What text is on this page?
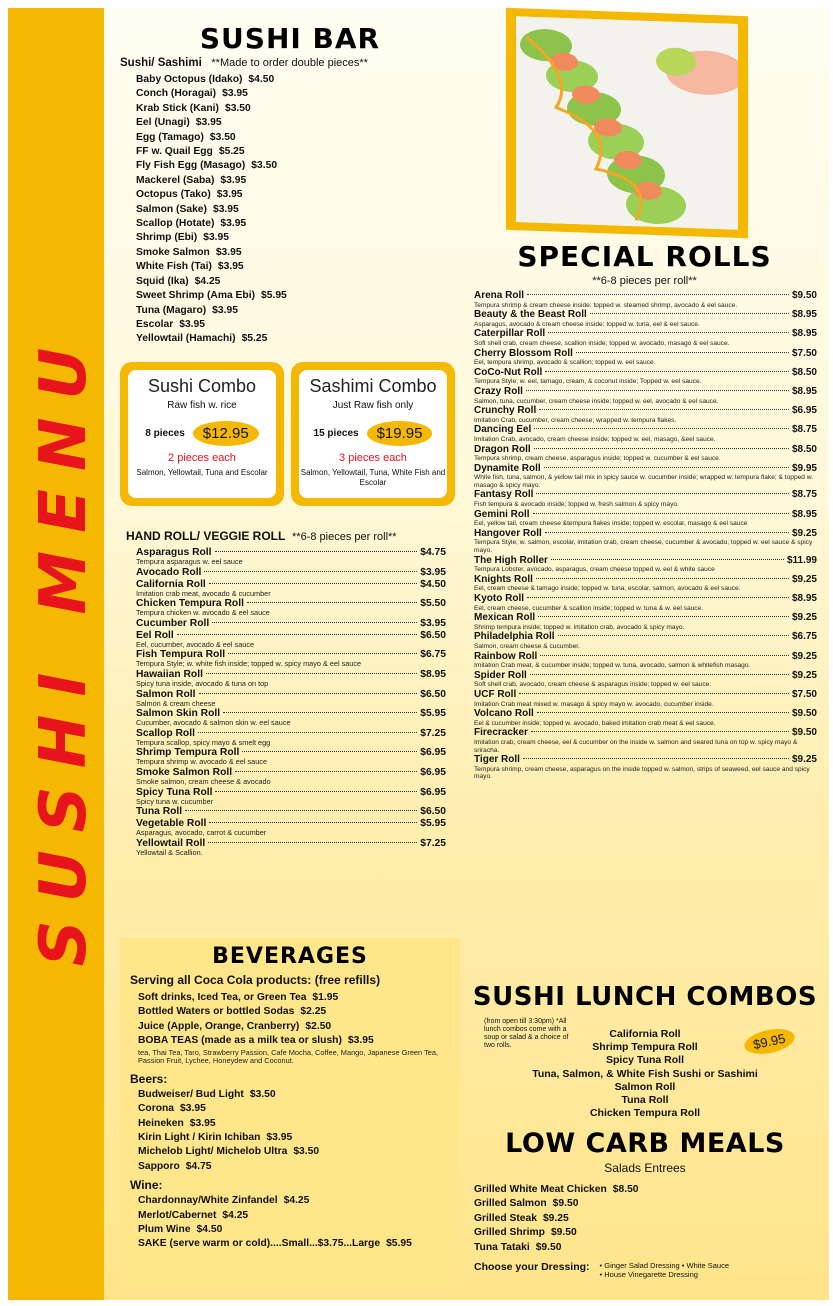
SUSHI MENU
SUSHI BAR
Sushi/ Sashimi **Made to order double pieces**
Baby Octopus (Idako) $4.50
Conch (Horagai) $3.95
Krab Stick (Kani) $3.50
Eel (Unagi) $3.95
Egg (Tamago) $3.50
FF w. Quail Egg $5.25
Fly Fish Egg (Masago) $3.50
Mackerel (Saba) $3.95
Octopus (Tako) $3.95
Salmon (Sake) $3.95
Scallop (Hotate) $3.95
Shrimp (Ebi) $3.95
Smoke Salmon $3.95
White Fish (Tai) $3.95
Squid (Ika) $4.25
Sweet Shrimp (Ama Ebi) $5.95
Tuna (Magaro) $3.95
Escolar $3.95
Yellowtail (Hamachi) $5.25
Sushi Combo
Raw fish w. rice
8 pieces	$12.95
2 pieces each
Salmon, Yellowtail, Tuna and Escolar
Sashimi Combo
Just Raw fish only
15 pieces	$19.95
3 pieces each
Salmon, Yellowtail, Tuna, White Fish and Escolar
HAND ROLL/ VEGGIE ROLL **6-8 pieces per roll**
Asparagus Roll	$4.75
Tempura asparagus w. eel sauce
Avocado Roll	$3.95
California Roll	$4.50
Imitation crab meat, avocado & cucumber
Chicken Tempura Roll	$5.50
Tempura chicken w. avocado & eel sauce
Cucumber Roll	$3.95
Eel Roll	$6.50
Eel, cucumber, avocado & eel sauce
Fish Tempura Roll	$6.75
Tempura Style; w. white fish inside; topped w. spicy mayo & eel sauce
Hawaiian Roll	$8.95
Spicy tuna inside, avocado & tuna on top
Salmon Roll	$6.50
Salmon & cream cheese
Salmon Skin Roll	$5.95
Cucumber, avocado & salmon skin w. eel sauce
Scallop Roll	$7.25
Tempura scallop, spicy mayo & smelt egg
Shrimp Tempura Roll	$6.95
Tempura shrimp w. avocado & eel sauce
Smoke Salmon Roll	$6.95
Smoke salmon, cream cheese & avocado
Spicy Tuna Roll	$6.95
Spicy tuna w. cucumber
Tuna Roll	$6.50
Vegetable Roll	$5.95
Asparagus, avocado, carrot & cucumber
Yellowtail Roll	$7.25
Yellowtail & Scallion.
BEVERAGES
Serving all Coca Cola products: (free refills)
Soft drinks, Iced Tea, or Green Tea $1.95
Bottled Waters or bottled Sodas $2.25
Juice (Apple, Orange, Cranberry) $2.50
BOBA TEAS (made as a milk tea or slush) $3.95
tea, Thai Tea, Taro, Strawberry Passion, Cafe Mocha, Coffee, Mango, Japanese Green Tea, Passion Fruit, Lychee, Honeydew and Coconut.
Beers:
Budweiser/ Bud Light $3.50
Corona $3.95
Heineken $3.95
Kirin Light / Kirin Ichiban $3.95
Michelob Light/ Michelob Ultra $3.50
Sapporo $4.75
Wine:
Chardonnay/White Zinfandel $4.25
Merlot/Cabernet $4.25
Plum Wine $4.50
SAKE (serve warm or cold)....Small...$3.75...Large $5.95
SPECIAL ROLLS
**6-8 pieces per roll**
Arena Roll	$9.50
Tempura shrimp & cream cheese inside; topped w. steamed shrimp, avocado & eel sauce.
Beauty & the Beast Roll	$8.95
Asparagus, avocado & cream cheese inside; topped w. tuna, eel & eel sauce.
Caterpillar Roll	$8.95
Soft shell crab, cream cheese, scallion inside; topped w. avocado, masago & eel sauce.
Cherry Blossom Roll	$7.50
Eel, tempura shrimp, avocado & scallion; topped w. eel sauce.
CoCo-Nut Roll	$8.50
Tempura Style; w. eel, tamago, cream, & coconut inside; Topped w. eel sauce.
Crazy Roll	$8.95
Salmon, tuna, cucumber, cream cheese inside; topped w. eel, avocado & eel sauce.
Crunchy Roll	$6.95
Imitation Crab, cucumber, cream cheese; wrapped w. tempura flakes.
Dancing Eel	$8.75
Imitation Crab, avocado, cream cheese inside; topped w. eel, masago, &eel sauce.
Dragon Roll	$8.50
Tempura shrimp, cream cheese, asparagus inside; topped w. cucumber & eel sauce.
Dynamite Roll	$9.95
White fish, tuna, salmon, & yellow tail mix in spicy sauce w. cucumber inside; wrapped w. tempura flake; & topped w. masago & spicy mayo.
Fantasy Roll	$8.75
Fish tempura & avocado inside; topped w. fresh salmon & spicy mayo.
Gemini Roll	$8.95
Eel, yellow tail, cream cheese &tempura flakes inside; topped w. escolar, masago & eel sauce
Hangover Roll	$9.25
Tempura Style; w. salmon, escolar, imitation crab, cream cheese, cucumber & avocado; topped w. eel sauce & spicy mayo.
The High Roller	$11.99
Tempura Lobster, avocado, asparagus, cream cheese topped w. eel & white sauce
Knights Roll	$9.25
Eel, cream cheese & tamago inside; topped w. tuna, escolar, salmon, avocado & eel sauce.
Kyoto Roll	$8.95
Eel, cream cheese, cucumber & scallion inside; topped w. tuna & w. eel sauce.
Mexican Roll	$9.25
Shrimp tempura inside; topped w. imitation crab, avocado & spicy mayo.
Philadelphia Roll	$6.75
Salmon, cream cheese & cucumber.
Rainbow Roll	$9.25
Imitation Crab meat, & cucumber inside; topped w. tuna, avocado, salmon & whitefish masago.
Spider Roll	$9.25
Soft shell crab, avocado, cream cheese & asparagus inside; topped w. eel sauce.
UCF Roll	$7.50
Imitation Crab meat mixed w. masago & spicy mayo w. avocado, cucumber inside.
Volcano Roll	$9.50
Eel & cucumber inside; topped w. avocado, baked imitation crab meat & eel sauce.
Firecracker	$9.50
Imitation crab, cream cheese, eel & cucumber on the inside w. salmon and seared tuna on top w. spicy mayo & sriracha.
Tiger Roll	$9.25
Tempura shrimp, cream cheese, asparagus on the inside topped w. salmon, strips of seaweed, eel sauce and spicy mayo.
SUSHI LUNCH COMBOS
(from open till 3:30pm) *All lunch combos come with a soup or salad & a choice of two rolls.	$9.95
California Roll
Shrimp Tempura Roll
Spicy Tuna Roll
Tuna, Salmon, & White Fish Sushi or Sashimi
Salmon Roll
Tuna Roll
Chicken Tempura Roll
LOW CARB MEALS
Salads Entrees
Grilled White Meat Chicken $8.50
Grilled Salmon $9.50
Grilled Steak $9.25
Grilled Shrimp $9.50
Tuna Tataki $9.50
Choose your Dressing: • Ginger Salad Dressing • White Sauce
• House Vinegarette Dressing
